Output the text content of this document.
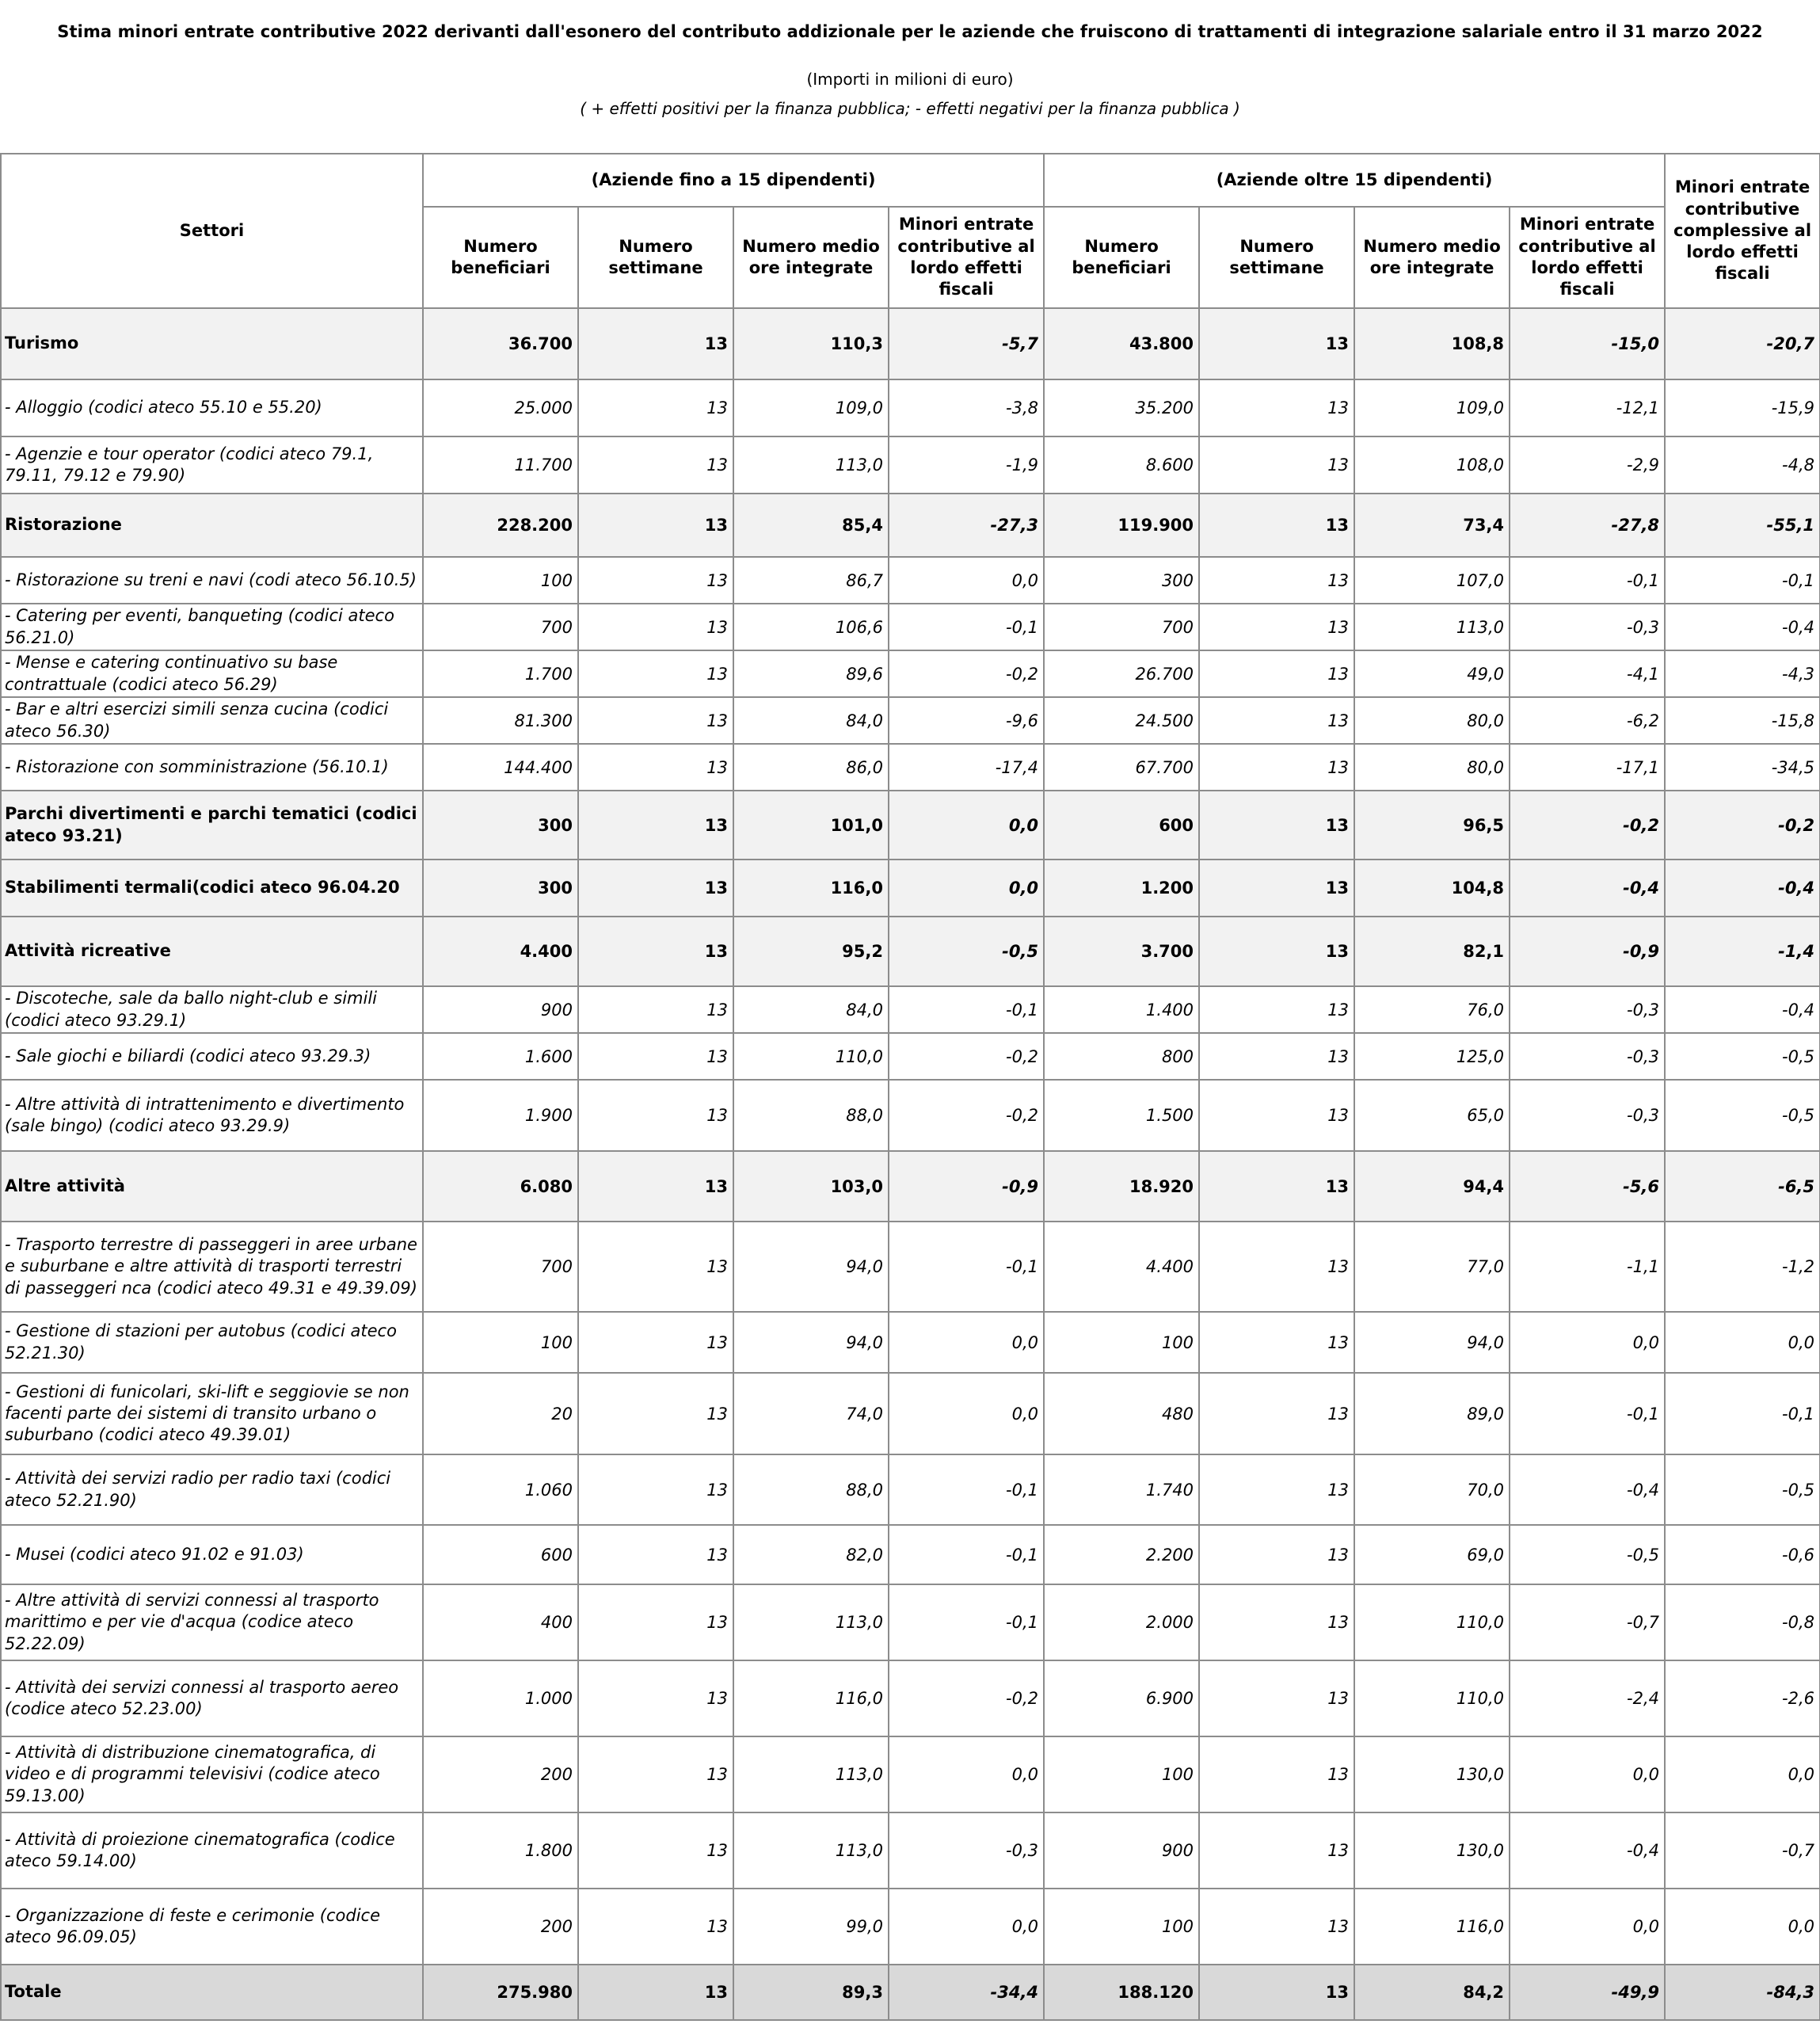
Stima minori entrate contributive 2022 derivanti dall'esonero del contributo addizionale per le aziende che fruiscono di trattamenti di integrazione salariale entro il 31 marzo 2022
(Importi in milioni di euro)
( + effetti positivi per la finanza pubblica; - effetti negativi per la finanza pubblica )
Settori	(Aziende fino a 15 dipendenti)				(Aziende oltre 15 dipendenti)				Minori entrate contributive complessive al lordo effetti fiscali
	Numero beneficiari	Numero settimane	Numero medio ore integrate	Minori entrate contributive al lordo effetti fiscali	Numero beneficiari	Numero settimane	Numero medio ore integrate	Minori entrate contributive al lordo effetti fiscali	
Turismo	36.700	13	110,3	-5,7	43.800	13	108,8	-15,0	-20,7
- Alloggio (codici ateco 55.10 e 55.20)	25.000	13	109,0	-3,8	35.200	13	109,0	-12,1	-15,9
- Agenzie e tour operator (codici ateco 79.1, 79.11, 79.12 e 79.90)	11.700	13	113,0	-1,9	8.600	13	108,0	-2,9	-4,8
Ristorazione	228.200	13	85,4	-27,3	119.900	13	73,4	-27,8	-55,1
- Ristorazione su treni e navi (codi ateco 56.10.5)	100	13	86,7	0,0	300	13	107,0	-0,1	-0,1
- Catering per eventi, banqueting (codici ateco 56.21.0)	700	13	106,6	-0,1	700	13	113,0	-0,3	-0,4
- Mense e catering continuativo su base contrattuale (codici ateco 56.29)	1.700	13	89,6	-0,2	26.700	13	49,0	-4,1	-4,3
- Bar e altri esercizi simili senza cucina (codici ateco 56.30)	81.300	13	84,0	-9,6	24.500	13	80,0	-6,2	-15,8
- Ristorazione con somministrazione (56.10.1)	144.400	13	86,0	-17,4	67.700	13	80,0	-17,1	-34,5
Parchi divertimenti e parchi tematici (codici ateco 93.21)	300	13	101,0	0,0	600	13	96,5	-0,2	-0,2
Stabilimenti termali(codici ateco 96.04.20	300	13	116,0	0,0	1.200	13	104,8	-0,4	-0,4
Attività ricreative	4.400	13	95,2	-0,5	3.700	13	82,1	-0,9	-1,4
- Discoteche, sale da ballo night-club e simili (codici ateco 93.29.1)	900	13	84,0	-0,1	1.400	13	76,0	-0,3	-0,4
- Sale giochi e biliardi (codici ateco 93.29.3)	1.600	13	110,0	-0,2	800	13	125,0	-0,3	-0,5
- Altre attività di intrattenimento e divertimento (sale bingo) (codici ateco 93.29.9)	1.900	13	88,0	-0,2	1.500	13	65,0	-0,3	-0,5
Altre attività	6.080	13	103,0	-0,9	18.920	13	94,4	-5,6	-6,5
- Trasporto terrestre di passeggeri in aree urbane e suburbane e altre attività di trasporti terrestri di passeggeri nca (codici ateco 49.31 e 49.39.09)	700	13	94,0	-0,1	4.400	13	77,0	-1,1	-1,2
- Gestione di stazioni per autobus (codici ateco 52.21.30)	100	13	94,0	0,0	100	13	94,0	0,0	0,0
- Gestioni di funicolari, ski-lift e seggiovie se non facenti parte dei sistemi di transito urbano o suburbano (codici ateco 49.39.01)	20	13	74,0	0,0	480	13	89,0	-0,1	-0,1
- Attività dei servizi radio per radio taxi (codici ateco 52.21.90)	1.060	13	88,0	-0,1	1.740	13	70,0	-0,4	-0,5
- Musei (codici ateco 91.02 e 91.03)	600	13	82,0	-0,1	2.200	13	69,0	-0,5	-0,6
- Altre attività di servizi connessi al trasporto marittimo e per vie d'acqua (codice ateco 52.22.09)	400	13	113,0	-0,1	2.000	13	110,0	-0,7	-0,8
- Attività dei servizi connessi al trasporto aereo (codice ateco 52.23.00)	1.000	13	116,0	-0,2	6.900	13	110,0	-2,4	-2,6
- Attività di distribuzione cinematografica, di video e di programmi televisivi (codice ateco 59.13.00)	200	13	113,0	0,0	100	13	130,0	0,0	0,0
- Attività di proiezione cinematografica (codice ateco 59.14.00)	1.800	13	113,0	-0,3	900	13	130,0	-0,4	-0,7
- Organizzazione di feste e cerimonie (codice ateco 96.09.05)	200	13	99,0	0,0	100	13	116,0	0,0	0,0
Totale	275.980	13	89,3	-34,4	188.120	13	84,2	-49,9	-84,3
